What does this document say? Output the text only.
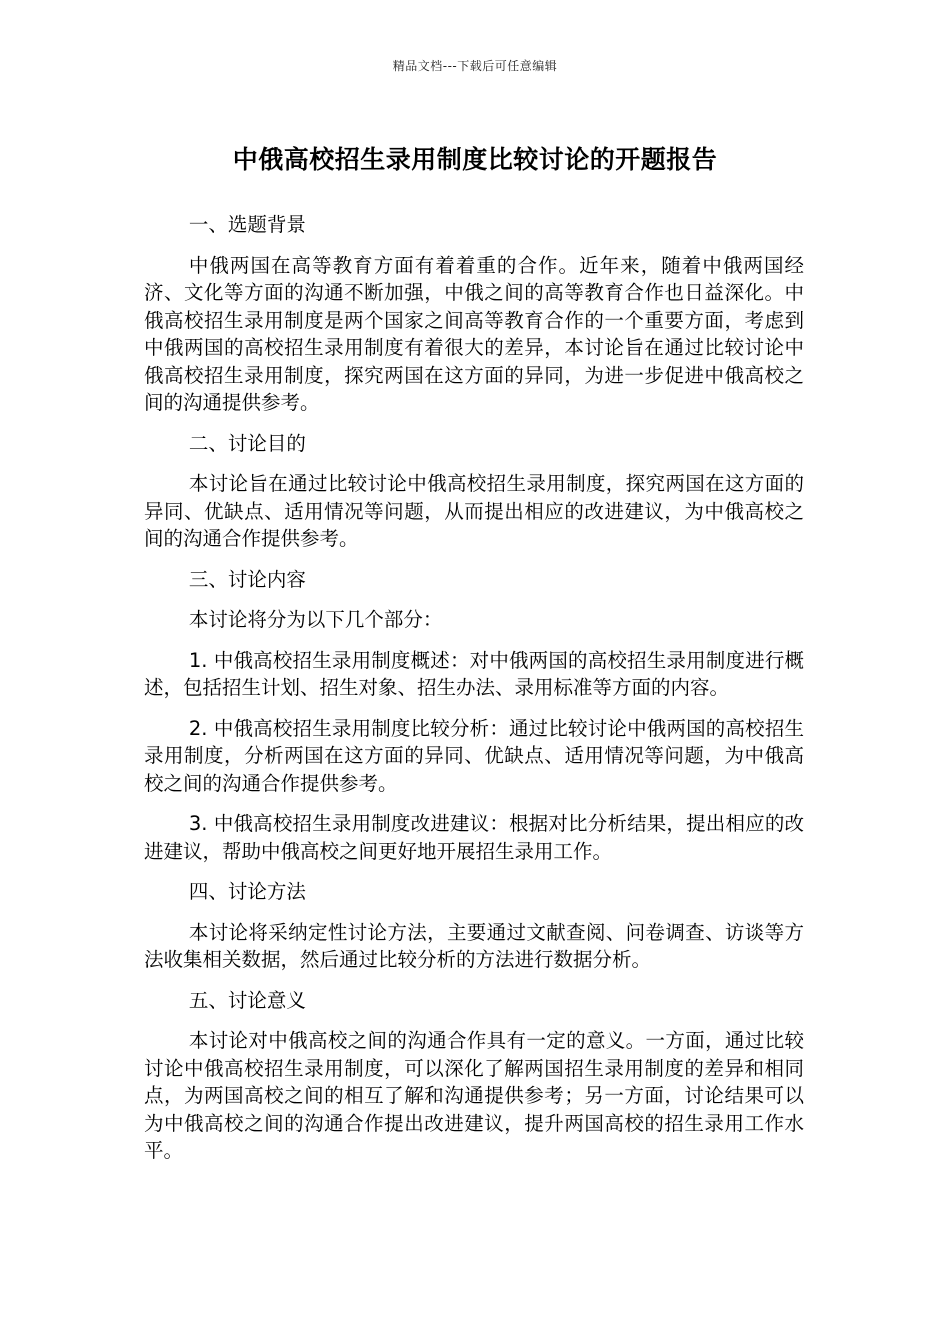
精品文档---下载后可任意编辑
中俄高校招生录用制度比较讨论的开题报告

一、选题背景

中俄两国在高等教育方面有着着重的合作。近年来，随着中俄两国经济、文化等方面的沟通不断加强，中俄之间的高等教育合作也日益深化。中俄高校招生录用制度是两个国家之间高等教育合作的一个重要方面，考虑到中俄两国的高校招生录用制度有着很大的差异，本讨论旨在通过比较讨论中俄高校招生录用制度，探究两国在这方面的异同，为进一步促进中俄高校之间的沟通提供参考。

二、讨论目的

本讨论旨在通过比较讨论中俄高校招生录用制度，探究两国在这方面的异同、优缺点、适用情况等问题，从而提出相应的改进建议，为中俄高校之间的沟通合作提供参考。

三、讨论内容

本讨论将分为以下几个部分：

1. 中俄高校招生录用制度概述：对中俄两国的高校招生录用制度进行概述，包括招生计划、招生对象、招生办法、录用标准等方面的内容。

2. 中俄高校招生录用制度比较分析：通过比较讨论中俄两国的高校招生录用制度，分析两国在这方面的异同、优缺点、适用情况等问题，为中俄高校之间的沟通合作提供参考。

3. 中俄高校招生录用制度改进建议：根据对比分析结果，提出相应的改进建议，帮助中俄高校之间更好地开展招生录用工作。

四、讨论方法

本讨论将采纳定性讨论方法，主要通过文献查阅、问卷调查、访谈等方法收集相关数据，然后通过比较分析的方法进行数据分析。

五、讨论意义

本讨论对中俄高校之间的沟通合作具有一定的意义。一方面，通过比较讨论中俄高校招生录用制度，可以深化了解两国招生录用制度的差异和相同点，为两国高校之间的相互了解和沟通提供参考；另一方面，讨论结果可以为中俄高校之间的沟通合作提出改进建议，提升两国高校的招生录用工作水平。
